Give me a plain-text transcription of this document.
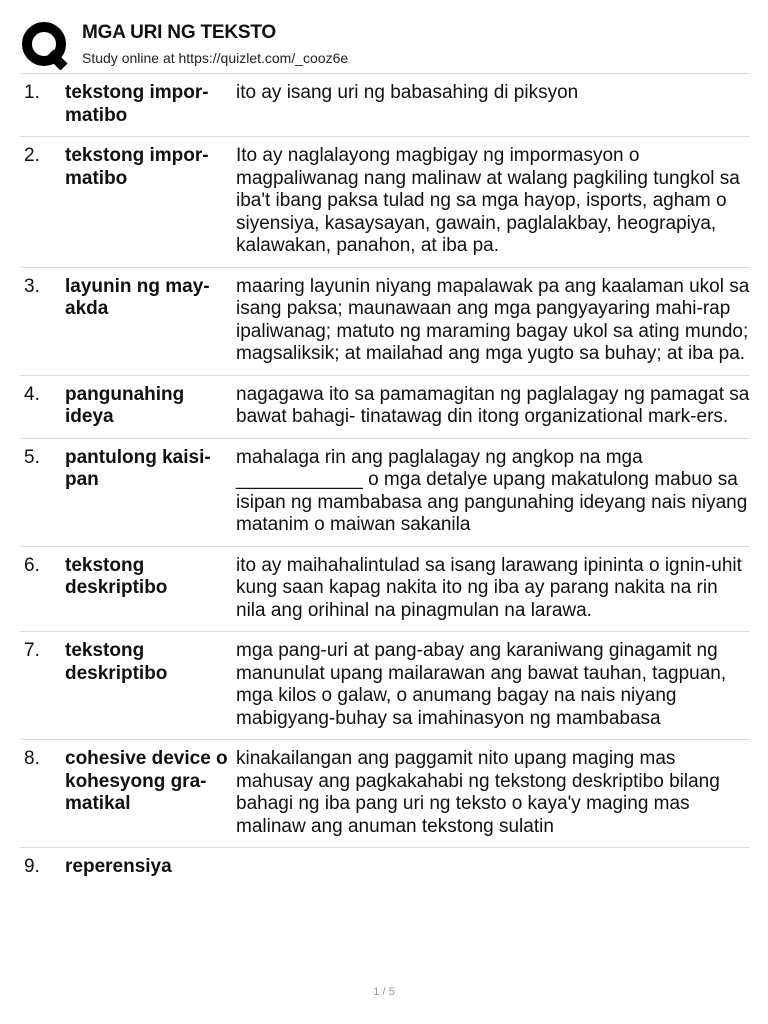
MGA URI NG TEKSTO
Study online at https://quizlet.com/_cooz6e
1.	tekstong impor-matibo
ito ay isang uri ng babasahing di piksyon
2.	tekstong impor-matibo
Ito ay naglalayong magbigay ng impormasyon o magpaliwanag nang malinaw at walang pagkiling tungkol sa iba't ibang paksa tulad ng sa mga hayop, isports, agham o siyensiya, kasaysayan, gawain, paglalakbay, heograpiya, kalawakan, panahon, at iba pa.
3.	layunin ng may-akda
maaring layunin niyang mapalawak pa ang kaalaman ukol sa isang paksa; maunawaan ang mga pangyayaring mahi-rap ipaliwanag; matuto ng maraming bagay ukol sa ating mundo; magsaliksik; at mailahad ang mga yugto sa buhay; at iba pa.
4.	pangunahing ideya
nagagawa ito sa pamamagitan ng paglalagay ng pamagat sa bawat bahagi- tinatawag din itong organizational mark-ers.
5.	pantulong kaisi-pan
mahalaga rin ang paglalagay ng angkop na mga ____________ o mga detalye upang makatulong mabuo sa isipan ng mambabasa ang pangunahing ideyang nais niyang matanim o maiwan sakanila
6.	tekstong deskriptibo
ito ay maihahalintulad sa isang larawang ipininta o ignin-uhit kung saan kapag nakita ito ng iba ay parang nakita na rin nila ang orihinal na pinagmulan na larawa.
7.	tekstong deskriptibo
mga pang-uri at pang-abay ang karaniwang ginagamit ng manunulat upang mailarawan ang bawat tauhan, tagpuan, mga kilos o galaw, o anumang bagay na nais niyang mabigyang-buhay sa imahinasyon ng mambabasa
8.	cohesive device o kohesyong gra-matikal
kinakailangan ang paggamit nito upang maging mas mahusay ang pagkakahabi ng tekstong deskriptibo bilang bahagi ng iba pang uri ng teksto o kaya'y maging mas malinaw ang anuman tekstong sulatin
9.	reperensiya
1 / 5
